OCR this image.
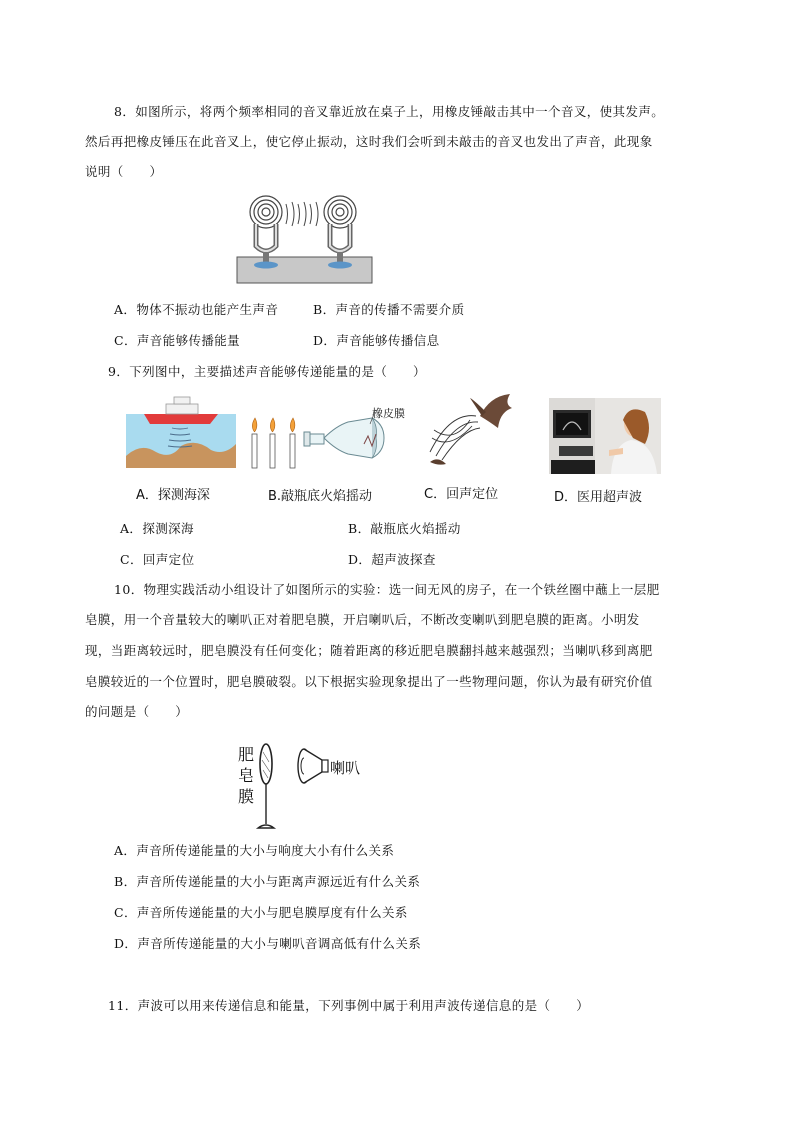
8．如图所示，将两个频率相同的音叉靠近放在桌子上，用橡皮锤敲击其中一个音叉，使其发声。
然后再把橡皮锤压在此音叉上，使它停止振动，这时我们会听到未敲击的音叉也发出了声音，此现象
说明（　　）
A．物体不振动也能产生声音	B．声音的传播不需要介质
C．声音能够传播能量	D．声音能够传播信息
9．下列图中，主要描述声音能够传递能量的是（　　）
橡皮膜
A．探测海深	B.敲瓶底火焰摇动	C．回声定位	D．医用超声波
A．探测深海	B．敲瓶底火焰摇动
C．回声定位	D．超声波探查
10．物理实践活动小组设计了如图所示的实验：选一间无风的房子，在一个铁丝圈中蘸上一层肥
皂膜，用一个音量较大的喇叭正对着肥皂膜，开启喇叭后，不断改变喇叭到肥皂膜的距离。小明发
现，当距离较远时，肥皂膜没有任何变化；随着距离的移近肥皂膜翻抖越来越强烈；当喇叭移到离肥
皂膜较近的一个位置时，肥皂膜破裂。以下根据实验现象提出了一些物理问题，你认为最有研究价值
的问题是（　　）
肥
皂
膜
喇叭
A．声音所传递能量的大小与响度大小有什么关系
B．声音所传递能量的大小与距离声源远近有什么关系
C．声音所传递能量的大小与肥皂膜厚度有什么关系
D．声音所传递能量的大小与喇叭音调高低有什么关系
11．声波可以用来传递信息和能量，下列事例中属于利用声波传递信息的是（　　）
